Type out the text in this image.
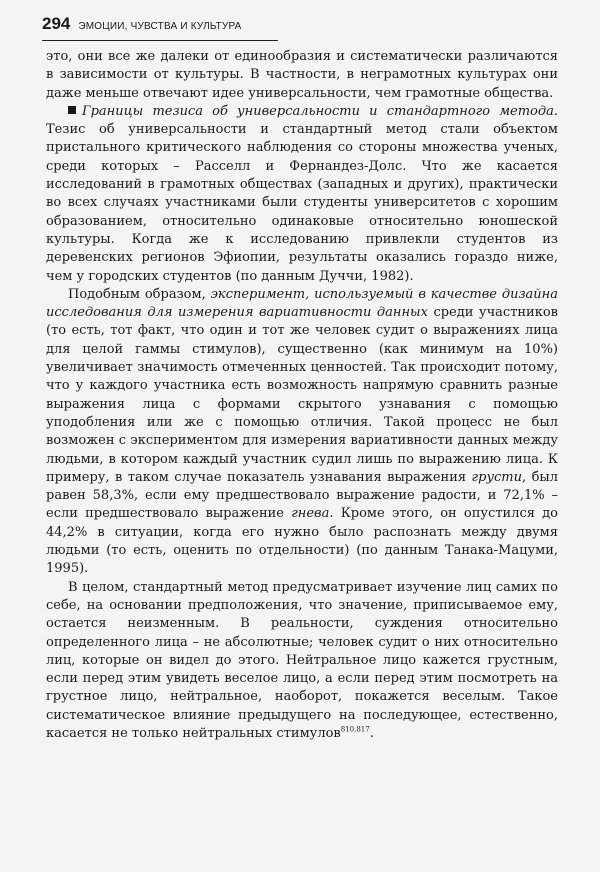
294 ЭМОЦИИ, ЧУВСТВА И КУЛЬТУРА

это, они все же далеки от единообразия и систематически различаются в зависимости от культуры. В частности, в неграмотных культурах они даже меньше отвечают идее универсальности, чем грамотные общества.

Границы тезиса об универсальности и стандартного метода. Тезис об универсальности и стандартный метод стали объектом пристального критического наблюдения со стороны множества ученых, среди которых – Расселл и Фернандез-Долс. Что же касается исследований в грамотных обществах (западных и других), практически во всех случаях участниками были студенты университетов с хорошим образованием, относительно одинаковые относительно юношеской культуры. Когда же к исследованию привлекли студентов из деревенских регионов Эфиопии, результаты оказались гораздо ниже, чем у городских студентов (по данным Дуччи, 1982).

Подобным образом, эксперимент, используемый в качестве дизайна исследования для измерения вариативности данных среди участников (то есть, тот факт, что один и тот же человек судит о выражениях лица для целой гаммы стимулов), существенно (как минимум на 10%) увеличивает значимость отмеченных ценностей. Так происходит потому, что у каждого участника есть возможность напрямую сравнить разные выражения лица с формами скрытого узнавания с помощью уподобления или же с помощью отличия. Такой процесс не был возможен с экспериментом для измерения вариативности данных между людьми, в котором каждый участник судил лишь по выражению лица. К примеру, в таком случае показатель узнавания выражения грусти, был равен 58,3%, если ему предшествовало выражение радости, и 72,1% – если предшествовало выражение гнева. Кроме этого, он опустился до 44,2% в ситуации, когда его нужно было распознать между двумя людьми (то есть, оценить по отдельности) (по данным Танака-Мацуми, 1995).

В целом, стандартный метод предусматривает изучение лиц самих по себе, на основании предположения, что значение, приписываемое ему, остается неизменным. В реальности, суждения относительно определенного лица – не абсолютные; человек судит о них относительно лиц, которые он видел до этого. Нейтральное лицо кажется грустным, если перед этим увидеть веселое лицо, а если перед этим посмотреть на грустное лицо, нейтральное, наоборот, покажется веселым. Такое систематическое влияние предыдущего на последующее, естественно, касается не только нейтральных стимулов$^{810,817}$.
